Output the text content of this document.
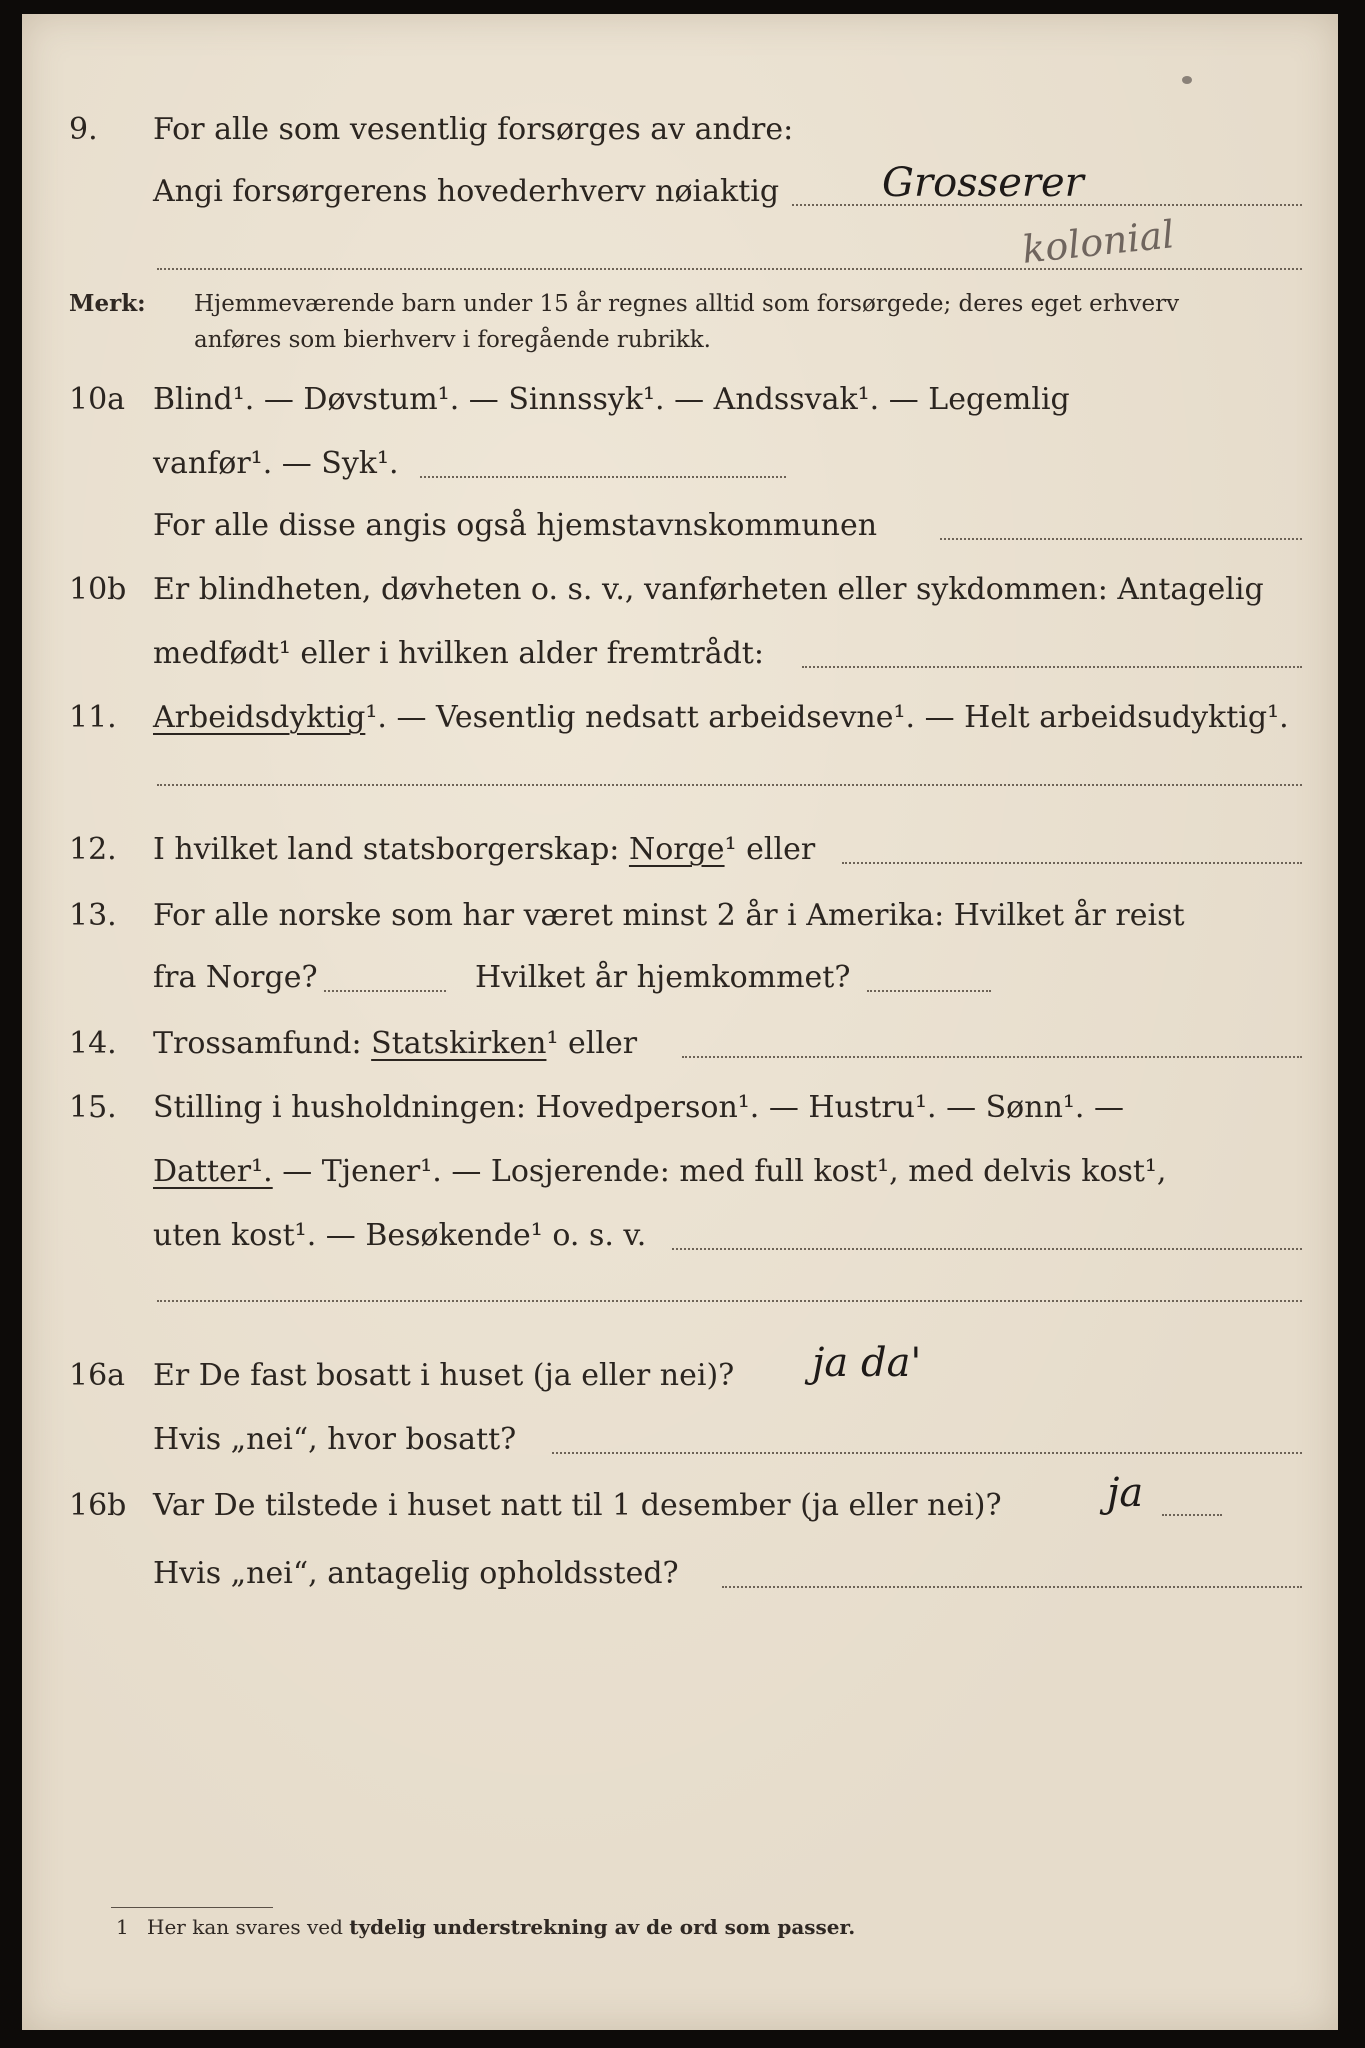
9. For alle som vesentlig forsørges av andre:
Angi forsørgerens hovederhverv nøiaktig	Grosserer
kolonial
Merk: Hjemmeværende barn under 15 år regnes alltid som forsørgede; deres eget erhverv
anføres som bierhverv i foregående rubrikk.
10a Blind¹. — Døvstum¹. — Sinnssyk¹. — Andssvak¹. — Legemlig
vanfør¹. — Syk¹.
For alle disse angis også hjemstavnskommunen
10b Er blindheten, døvheten o. s. v., vanførheten eller sykdommen: Antagelig
medfødt¹ eller i hvilken alder fremtrådt:
11. Arbeidsdyktig¹. — Vesentlig nedsatt arbeidsevne¹. — Helt arbeidsudyktig¹.
12. I hvilket land statsborgerskap: Norge¹ eller
13. For alle norske som har været minst 2 år i Amerika: Hvilket år reist
fra Norge?	Hvilket år hjemkommet?
14. Trossamfund: Statskirken¹ eller
15. Stilling i husholdningen: Hovedperson¹. — Hustru¹. — Sønn¹. —
Datter¹. — Tjener¹. — Losjerende: med full kost¹, med delvis kost¹,
uten kost¹. — Besøkende¹ o. s. v.
16a Er De fast bosatt i huset (ja eller nei)? ja da'
Hvis „nei“, hvor bosatt?
16b Var De tilstede i huset natt til 1 desember (ja eller nei)?	ja
Hvis „nei“, antagelig opholdssted?
1 Her kan svares ved tydelig understrekning av de ord som passer.
